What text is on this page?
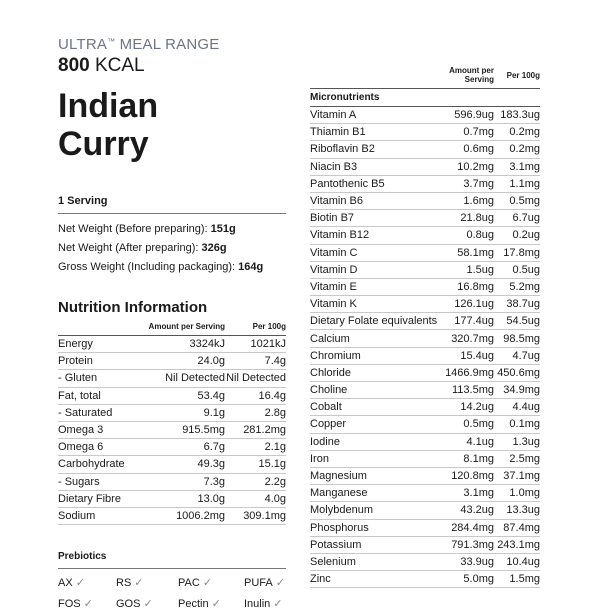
ULTRA™ MEAL RANGE
800 KCAL
Indian
Curry
1 Serving
Net Weight (Before preparing): 151g
Net Weight (After preparing): 326g
Gross Weight (Including packaging): 164g
Nutrition Information
	Amount per Serving	Per 100g
Energy	3324kJ	1021kJ
Protein	24.0g	7.4g
- Gluten	Nil Detected	Nil Detected
Fat, total	53.4g	16.4g
- Saturated	9.1g	2.8g
Omega 3	915.5mg	281.2mg
Omega 6	6.7g	2.1g
Carbohydrate	49.3g	15.1g
- Sugars	7.3g	2.2g
Dietary Fibre	13.0g	4.0g
Sodium	1006.2mg	309.1mg
Prebiotics
AX ✓	RS ✓	PAC ✓	PUFA ✓
FOS ✓	GOS ✓	Pectin ✓	Inulin ✓
	Amount per Serving	Per 100g
Micronutrients		
Vitamin A	596.9ug	183.3ug
Thiamin B1	0.7mg	0.2mg
Riboflavin B2	0.6mg	0.2mg
Niacin B3	10.2mg	3.1mg
Pantothenic B5	3.7mg	1.1mg
Vitamin B6	1.6mg	0.5mg
Biotin B7	21.8ug	6.7ug
Vitamin B12	0.8ug	0.2ug
Vitamin C	58.1mg	17.8mg
Vitamin D	1.5ug	0.5ug
Vitamin E	16.8mg	5.2mg
Vitamin K	126.1ug	38.7ug
Dietary Folate equivalents	177.4ug	54.5ug
Calcium	320.7mg	98.5mg
Chromium	15.4ug	4.7ug
Chloride	1466.9mg	450.6mg
Choline	113.5mg	34.9mg
Cobalt	14.2ug	4.4ug
Copper	0.5mg	0.1mg
Iodine	4.1ug	1.3ug
Iron	8.1mg	2.5mg
Magnesium	120.8mg	37.1mg
Manganese	3.1mg	1.0mg
Molybdenum	43.2ug	13.3ug
Phosphorus	284.4mg	87.4mg
Potassium	791.3mg	243.1mg
Selenium	33.9ug	10.4ug
Zinc	5.0mg	1.5mg
